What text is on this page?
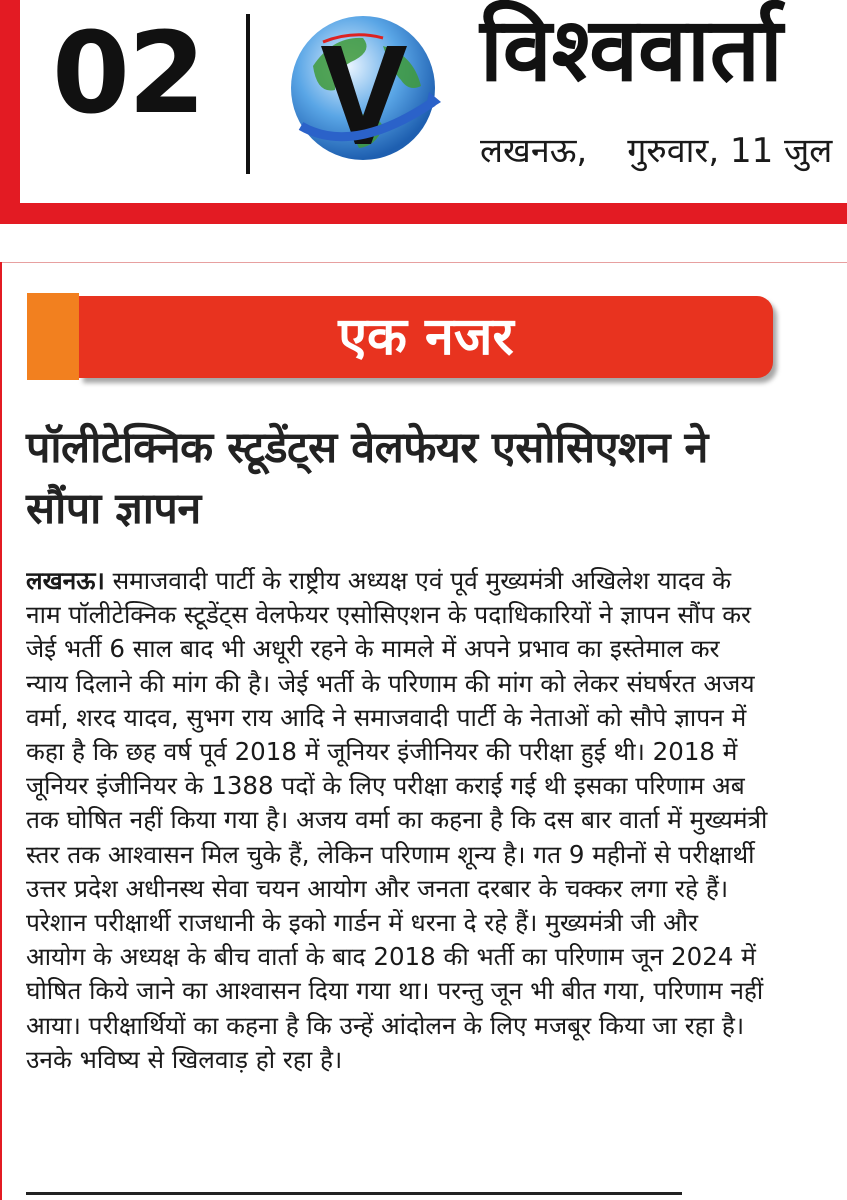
02	विश्ववार्ता
लखनऊ, गुरुवार, 11 जुल
एक नजर
पॉलीटेक्निक स्टूडेंट्स वेलफेयर एसोसिएशन ने
सौंपा ज्ञापन
लखनऊ। समाजवादी पार्टी के राष्ट्रीय अध्यक्ष एवं पूर्व मुख्यमंत्री अखिलेश यादव के
नाम पॉलीटेक्निक स्टूडेंट्स वेलफेयर एसोसिएशन के पदाधिकारियों ने ज्ञापन सौंप कर
जेई भर्ती 6 साल बाद भी अधूरी रहने के मामले में अपने प्रभाव का इस्तेमाल कर
न्याय दिलाने की मांग की है। जेई भर्ती के परिणाम की मांग को लेकर संघर्षरत अजय
वर्मा, शरद यादव, सुभग राय आदि ने समाजवादी पार्टी के नेताओं को सौपे ज्ञापन में
कहा है कि छह वर्ष पूर्व 2018 में जूनियर इंजीनियर की परीक्षा हुई थी। 2018 में
जूनियर इंजीनियर के 1388 पदों के लिए परीक्षा कराई गई थी इसका परिणाम अब
तक घोषित नहीं किया गया है। अजय वर्मा का कहना है कि दस बार वार्ता में मुख्यमंत्री
स्तर तक आश्वासन मिल चुके हैं, लेकिन परिणाम शून्य है। गत 9 महीनों से परीक्षार्थी
उत्तर प्रदेश अधीनस्थ सेवा चयन आयोग और जनता दरबार के चक्कर लगा रहे हैं।
परेशान परीक्षार्थी राजधानी के इको गार्डन में धरना दे रहे हैं। मुख्यमंत्री जी और
आयोग के अध्यक्ष के बीच वार्ता के बाद 2018 की भर्ती का परिणाम जून 2024 में
घोषित किये जाने का आश्वासन दिया गया था। परन्तु जून भी बीत गया, परिणाम नहीं
आया। परीक्षार्थियों का कहना है कि उन्हें आंदोलन के लिए मजबूर किया जा रहा है।
उनके भविष्य से खिलवाड़ हो रहा है।
